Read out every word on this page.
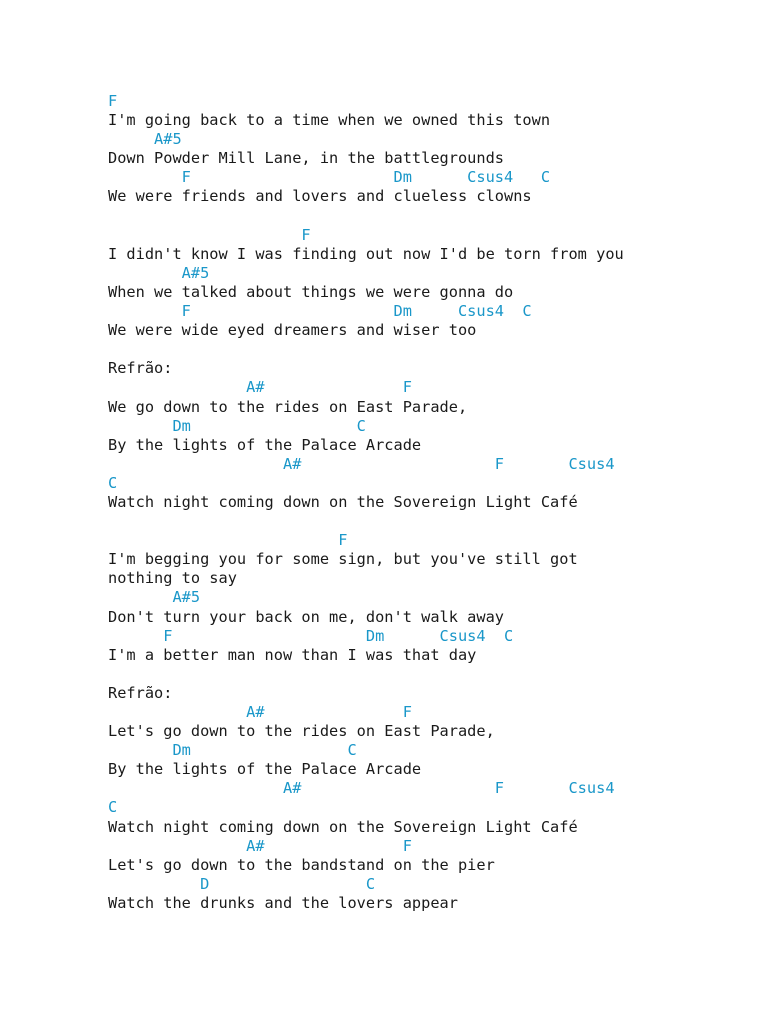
F
I'm going back to a time when we owned this town
A#5
Down Powder Mill Lane, in the battlegrounds
F                      Dm      Csus4   C
We were friends and lovers and clueless clowns
F
I didn't know I was finding out now I'd be torn from you
A#5
When we talked about things we were gonna do
F                      Dm     Csus4  C
We were wide eyed dreamers and wiser too
Refrão:
A#               F
We go down to the rides on East Parade,
Dm                  C
By the lights of the Palace Arcade
A#                     F       Csus4
C
Watch night coming down on the Sovereign Light Café
F
I'm begging you for some sign, but you've still got
nothing to say
A#5
Don't turn your back on me, don't walk away
F                     Dm      Csus4  C
I'm a better man now than I was that day
Refrão:
A#               F
Let's go down to the rides on East Parade,
Dm                 C
By the lights of the Palace Arcade
A#                     F       Csus4
C
Watch night coming down on the Sovereign Light Café
A#               F
Let's go down to the bandstand on the pier
D                 C
Watch the drunks and the lovers appear
